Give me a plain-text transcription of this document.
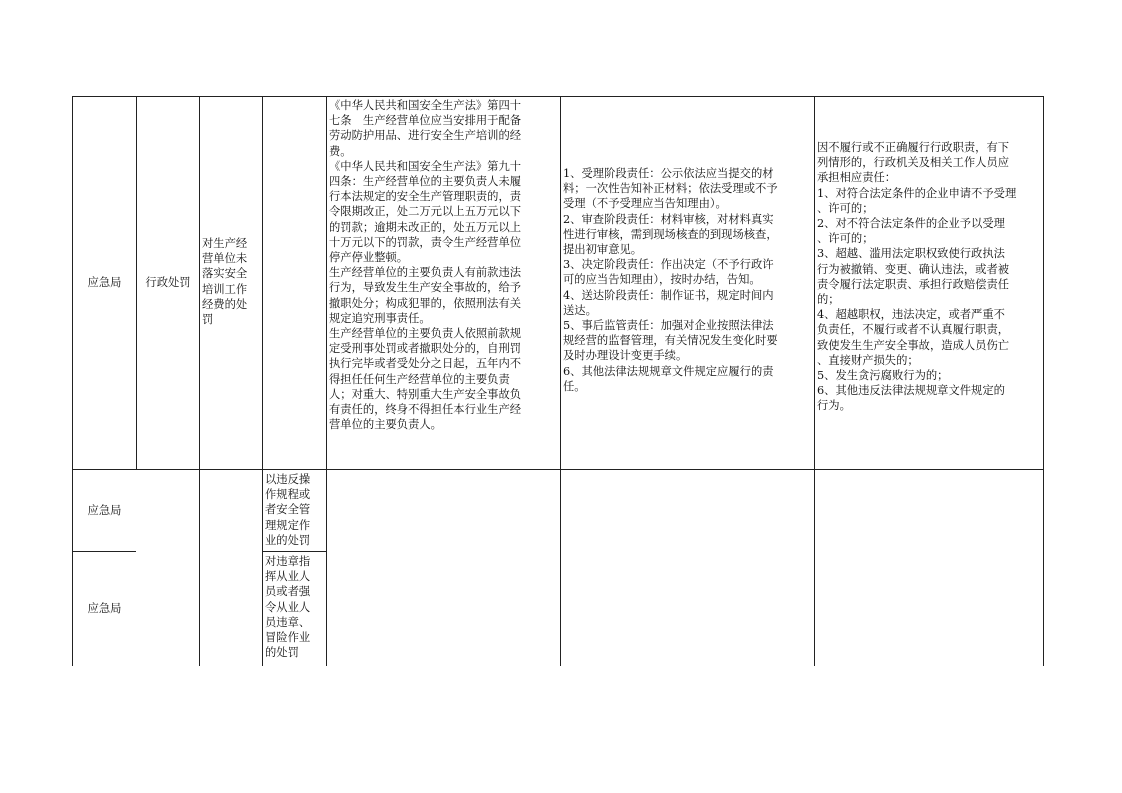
应急局	行政处罚
对生产经
营单位未
落实安全
培训工作
经费的处
罚
《中华人民共和国安全生产法》第四十
七条　生产经营单位应当安排用于配备
劳动防护用品、进行安全生产培训的经
费。
《中华人民共和国安全生产法》第九十
四条：生产经营单位的主要负责人未履
行本法规定的安全生产管理职责的，责
令限期改正，处二万元以上五万元以下
的罚款；逾期未改正的，处五万元以上
十万元以下的罚款，责令生产经营单位
停产停业整顿。
生产经营单位的主要负责人有前款违法
行为，导致发生生产安全事故的，给予
撤职处分；构成犯罪的，依照刑法有关
规定追究刑事责任。
生产经营单位的主要负责人依照前款规
定受刑事处罚或者撤职处分的，自刑罚
执行完毕或者受处分之日起，五年内不
得担任任何生产经营单位的主要负责
人；对重大、特别重大生产安全事故负
有责任的，终身不得担任本行业生产经
营单位的主要负责人。
1、受理阶段责任：公示依法应当提交的材
料；一次性告知补正材料；依法受理或不予
受理（不予受理应当告知理由）。
2、审查阶段责任：材料审核，对材料真实
性进行审核，需到现场核查的到现场核查，
提出初审意见。
3、决定阶段责任：作出决定（不予行政许
可的应当告知理由），按时办结，告知。
4、送达阶段责任：制作证书，规定时间内
送达。
5、事后监管责任：加强对企业按照法律法
规经营的监督管理，有关情况发生变化时要
及时办理设计变更手续。
6、其他法律法规规章文件规定应履行的责
任。
因不履行或不正确履行行政职责，有下
列情形的，行政机关及相关工作人员应
承担相应责任：
1、对符合法定条件的企业申请不予受理
、许可的；
2、对不符合法定条件的企业予以受理
、许可的；
3、超越、滥用法定职权致使行政执法
行为被撤销、变更、确认违法，或者被
责令履行法定职责、承担行政赔偿责任
的；
4、超越职权，违法决定，或者严重不
负责任，不履行或者不认真履行职责，
致使发生生产安全事故，造成人员伤亡
、直接财产损失的；
5、发生贪污腐败行为的；
6、其他违反法律法规规章文件规定的
行为。
应急局
以违反操
作规程或
者安全管
理规定作
业的处罚
应急局
对违章指
挥从业人
员或者强
令从业人
员违章、
冒险作业
的处罚
